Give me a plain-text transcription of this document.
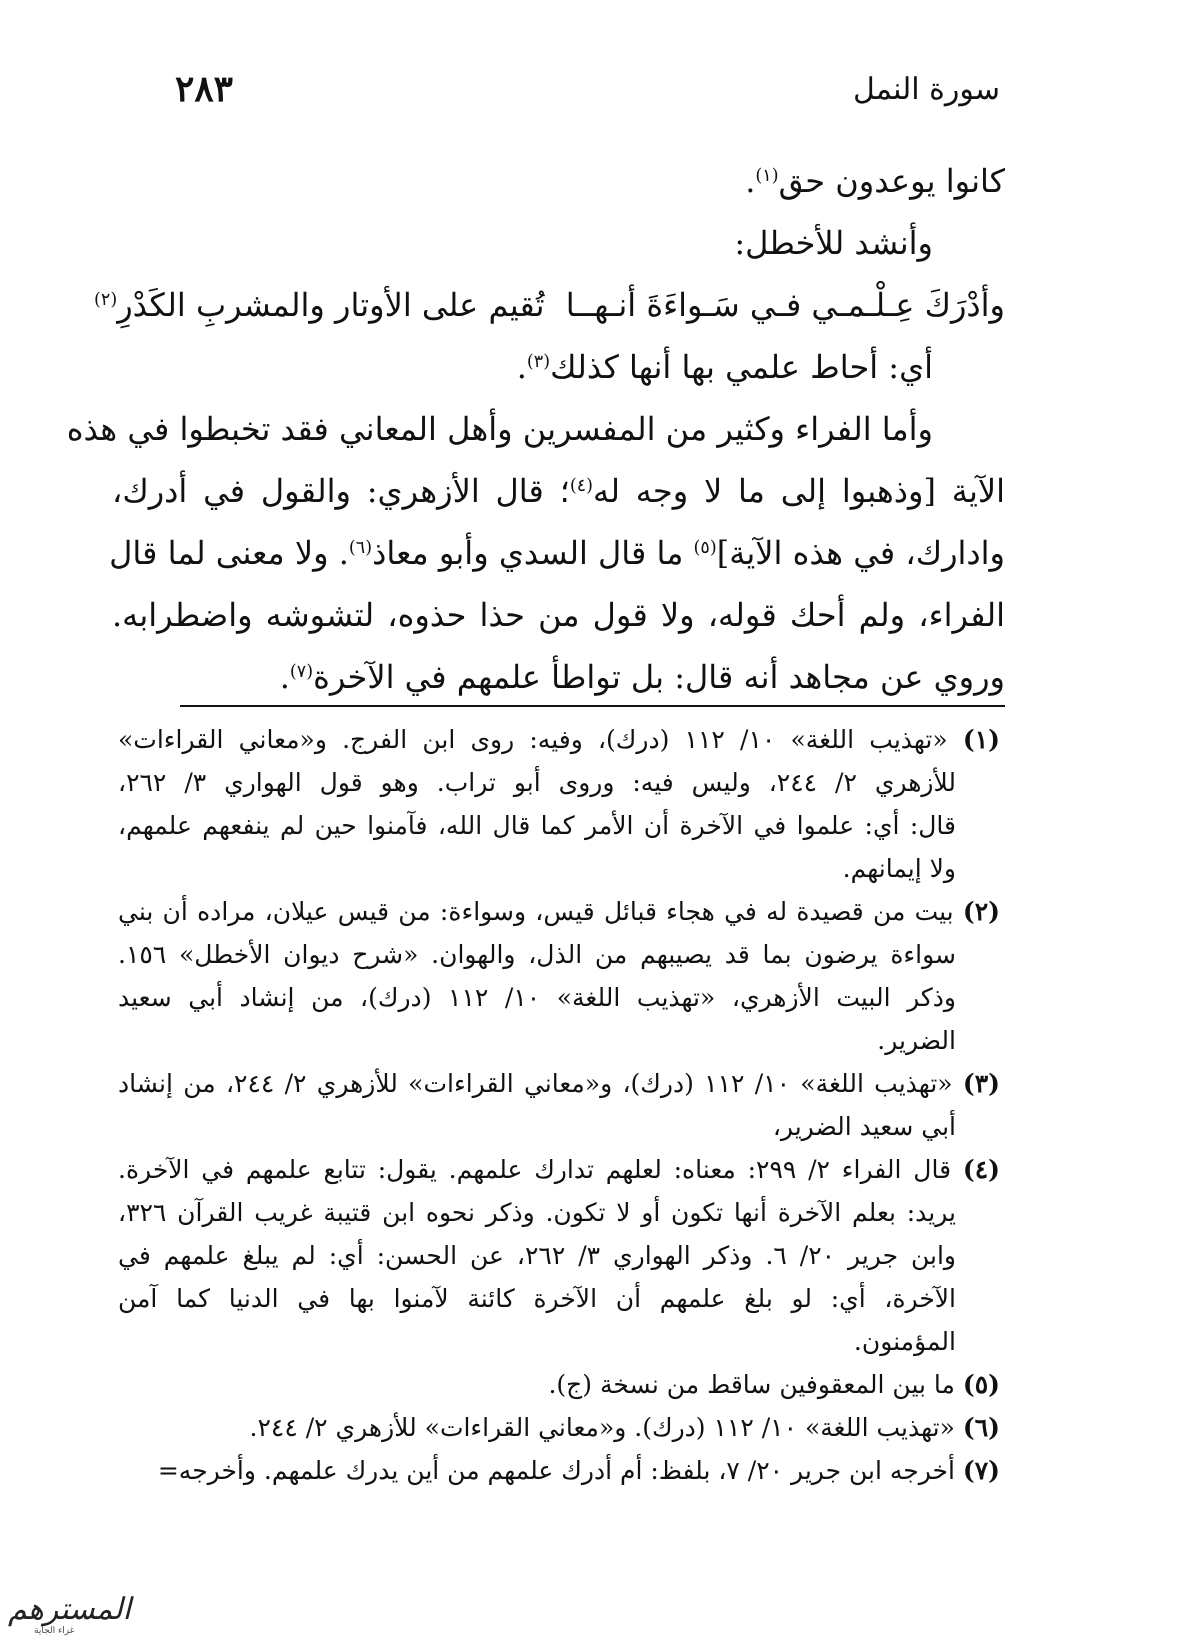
سورة النمل
٢٨٣
كانوا يوعدون حق$^{(١)}$.
وأنشد للأخطل:
وأدْرَكَ عِـلْـمـي فـي سَـواءَةَ أنـهــا
تُقيم على الأوتار والمشربِ الكَدْرِ$^{(٢)}$
أي: أحاط علمي بها أنها كذلك$^{(٣)}$.
وأما الفراء وكثير من المفسرين وأهل المعاني فقد تخبطوا في هذه
الآية [وذهبوا إلى ما لا وجه له$^{(٤)}$؛ قال الأزهري: والقول في أدرك،
وادارك، في هذه الآية]$^{(٥)}$ ما قال السدي وأبو معاذ$^{(٦)}$. ولا معنى لما قال
الفراء، ولم أحك قوله، ولا قول من حذا حذوه، لتشوشه واضطرابه.
وروي عن مجاهد أنه قال: بل تواطأ علمهم في الآخرة$^{(٧)}$.
(١) «تهذيب اللغة» ١٠/ ١١٢ (درك)، وفيه: روى ابن الفرج. و«معاني القراءات»
للأزهري ٢/ ٢٤٤، وليس فيه: وروى أبو تراب. وهو قول الهواري ٣/ ٢٦٢،
قال: أي: علموا في الآخرة أن الأمر كما قال الله، فآمنوا حين لم ينفعهم علمهم،
ولا إيمانهم.
(٢) بيت من قصيدة له في هجاء قبائل قيس، وسواءة: من قيس عيلان، مراده أن بني
سواءة يرضون بما قد يصيبهم من الذل، والهوان. «شرح ديوان الأخطل» ١٥٦.
وذكر البيت الأزهري، «تهذيب اللغة» ١٠/ ١١٢ (درك)، من إنشاد أبي سعيد
الضرير.
(٣) «تهذيب اللغة» ١٠/ ١١٢ (درك)، و«معاني القراءات» للأزهري ٢/ ٢٤٤، من إنشاد
أبي سعيد الضرير،
(٤) قال الفراء ٢/ ٢٩٩: معناه: لعلهم تدارك علمهم. يقول: تتابع علمهم في الآخرة.
يريد: بعلم الآخرة أنها تكون أو لا تكون. وذكر نحوه ابن قتيبة غريب القرآن ٣٢٦،
وابن جرير ٢٠/ ٦. وذكر الهواري ٣/ ٢٦٢، عن الحسن: أي: لم يبلغ علمهم في
الآخرة، أي: لو بلغ علمهم أن الآخرة كائنة لآمنوا بها في الدنيا كما آمن
المؤمنون.
(٥) ما بين المعقوفين ساقط من نسخة (ج).
(٦) «تهذيب اللغة» ١٠/ ١١٢ (درك). و«معاني القراءات» للأزهري ٢/ ٢٤٤.
(٧) أخرجه ابن جرير ٢٠/ ٧، بلفظ: أم أدرك علمهم من أين يدرك علمهم. وأخرجه=
المسترهم
غزاء الجاية
